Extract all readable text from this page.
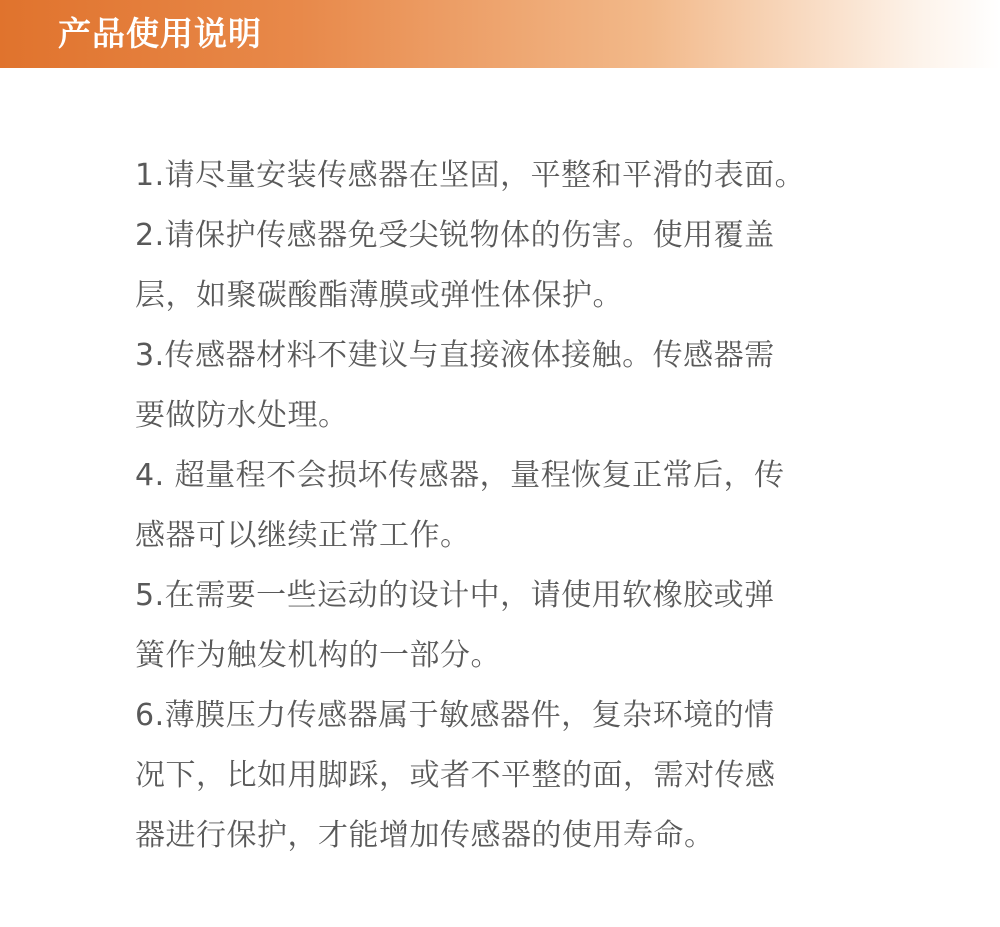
产品使用说明
1.请尽量安装传感器在坚固，平整和平滑的表面。
2.请保护传感器免受尖锐物体的伤害。使用覆盖
层，如聚碳酸酯薄膜或弹性体保护。
3.传感器材料不建议与直接液体接触。传感器需
要做防水处理。
4. 超量程不会损坏传感器，量程恢复正常后，传
感器可以继续正常工作。
5.在需要一些运动的设计中，请使用软橡胶或弹
簧作为触发机构的一部分。
6.薄膜压力传感器属于敏感器件，复杂环境的情
况下，比如用脚踩，或者不平整的面，需对传感
器进行保护，才能增加传感器的使用寿命。
